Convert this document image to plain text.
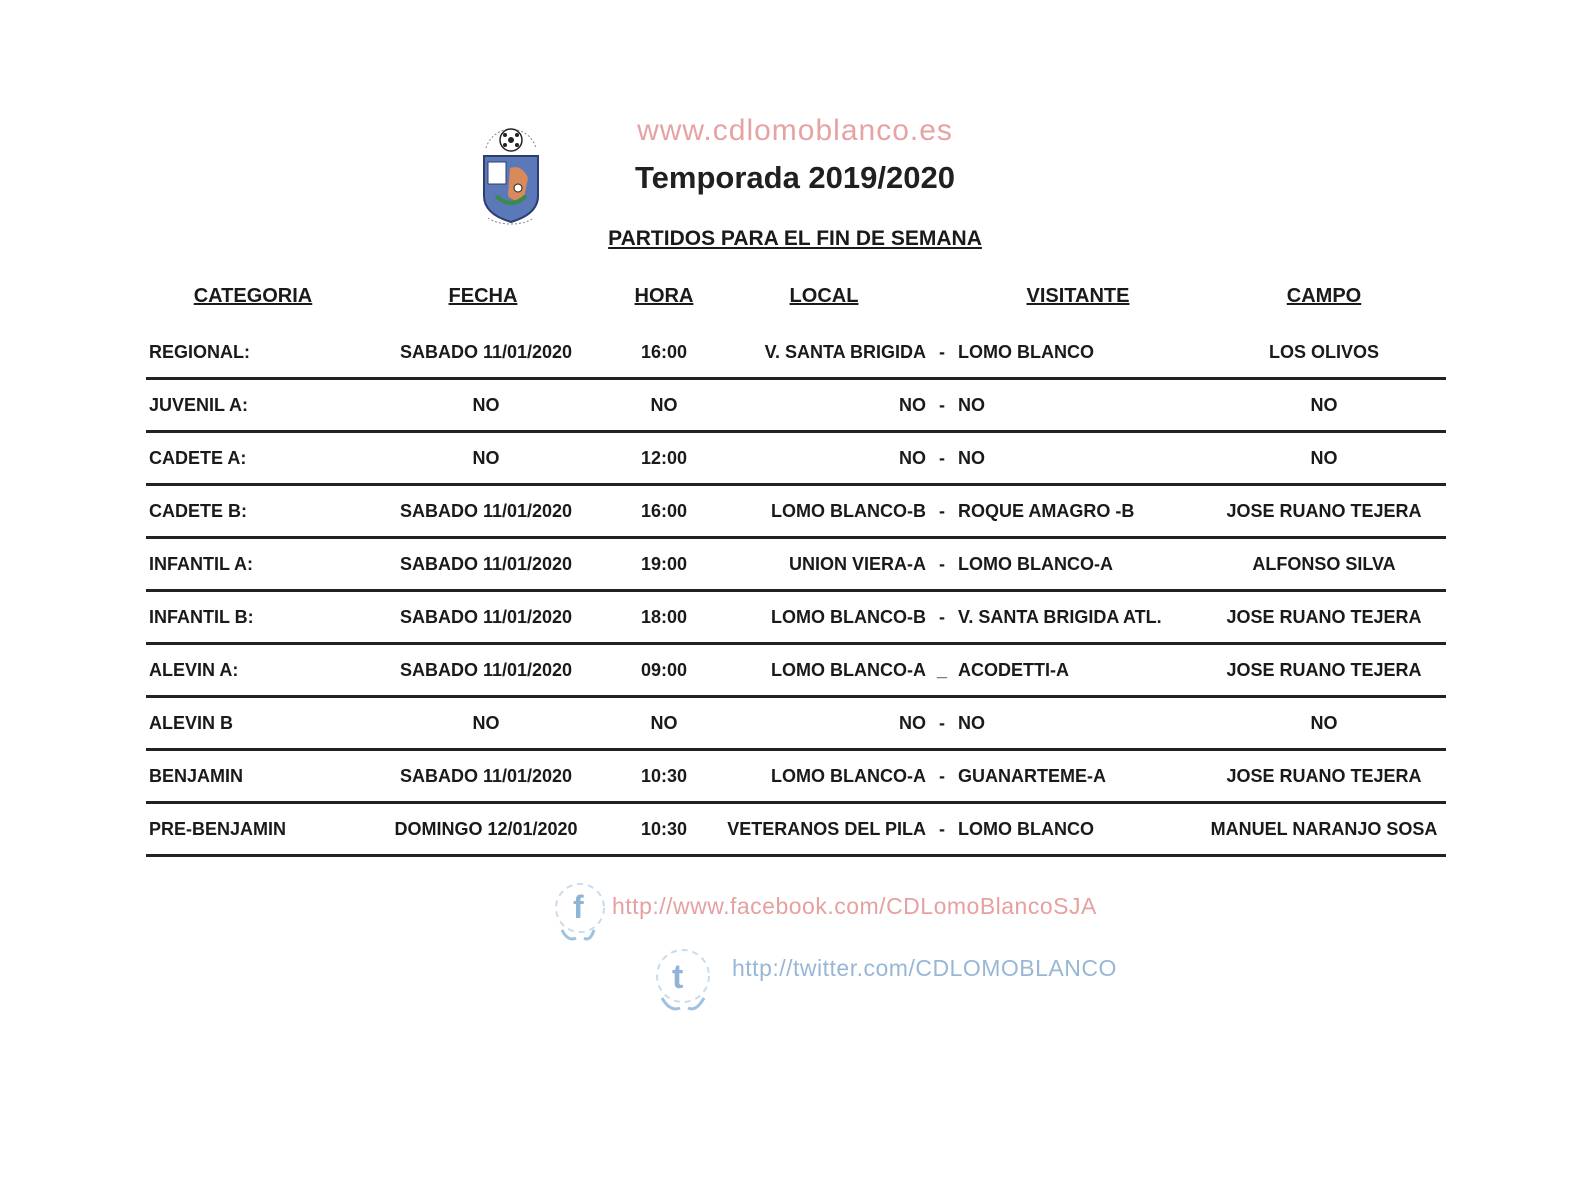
www.cdlomoblanco.es
Temporada 2019/2020
PARTIDOS PARA EL FIN DE SEMANA
CATEGORIA	FECHA	HORA	LOCAL	VISITANTE	CAMPO
REGIONAL:	SABADO 11/01/2020	16:00	V. SANTA BRIGIDA - LOMO BLANCO	LOS OLIVOS
JUVENIL A:	NO	NO	NO - NO	NO
CADETE A:	NO	12:00	NO - NO	NO
CADETE B:	SABADO 11/01/2020	16:00	LOMO BLANCO-B - ROQUE AMAGRO -B	JOSE RUANO TEJERA
INFANTIL A:	SABADO 11/01/2020	19:00	UNION VIERA-A - LOMO BLANCO-A	ALFONSO SILVA
INFANTIL B:	SABADO 11/01/2020	18:00	LOMO BLANCO-B - V. SANTA BRIGIDA ATL.	JOSE RUANO TEJERA
ALEVIN A:	SABADO 11/01/2020	09:00	LOMO BLANCO-A _ ACODETTI-A	JOSE RUANO TEJERA
ALEVIN B	NO	NO	NO - NO	NO
BENJAMIN	SABADO 11/01/2020	10:30	LOMO BLANCO-A - GUANARTEME-A	JOSE RUANO TEJERA
PRE-BENJAMIN	DOMINGO 12/01/2020	10:30	VETERANOS DEL PILA - LOMO BLANCO	MANUEL NARANJO SOSA
f http://www.facebook.com/CDLomoBlancoSJA
t http://twitter.com/CDLOMOBLANCO
